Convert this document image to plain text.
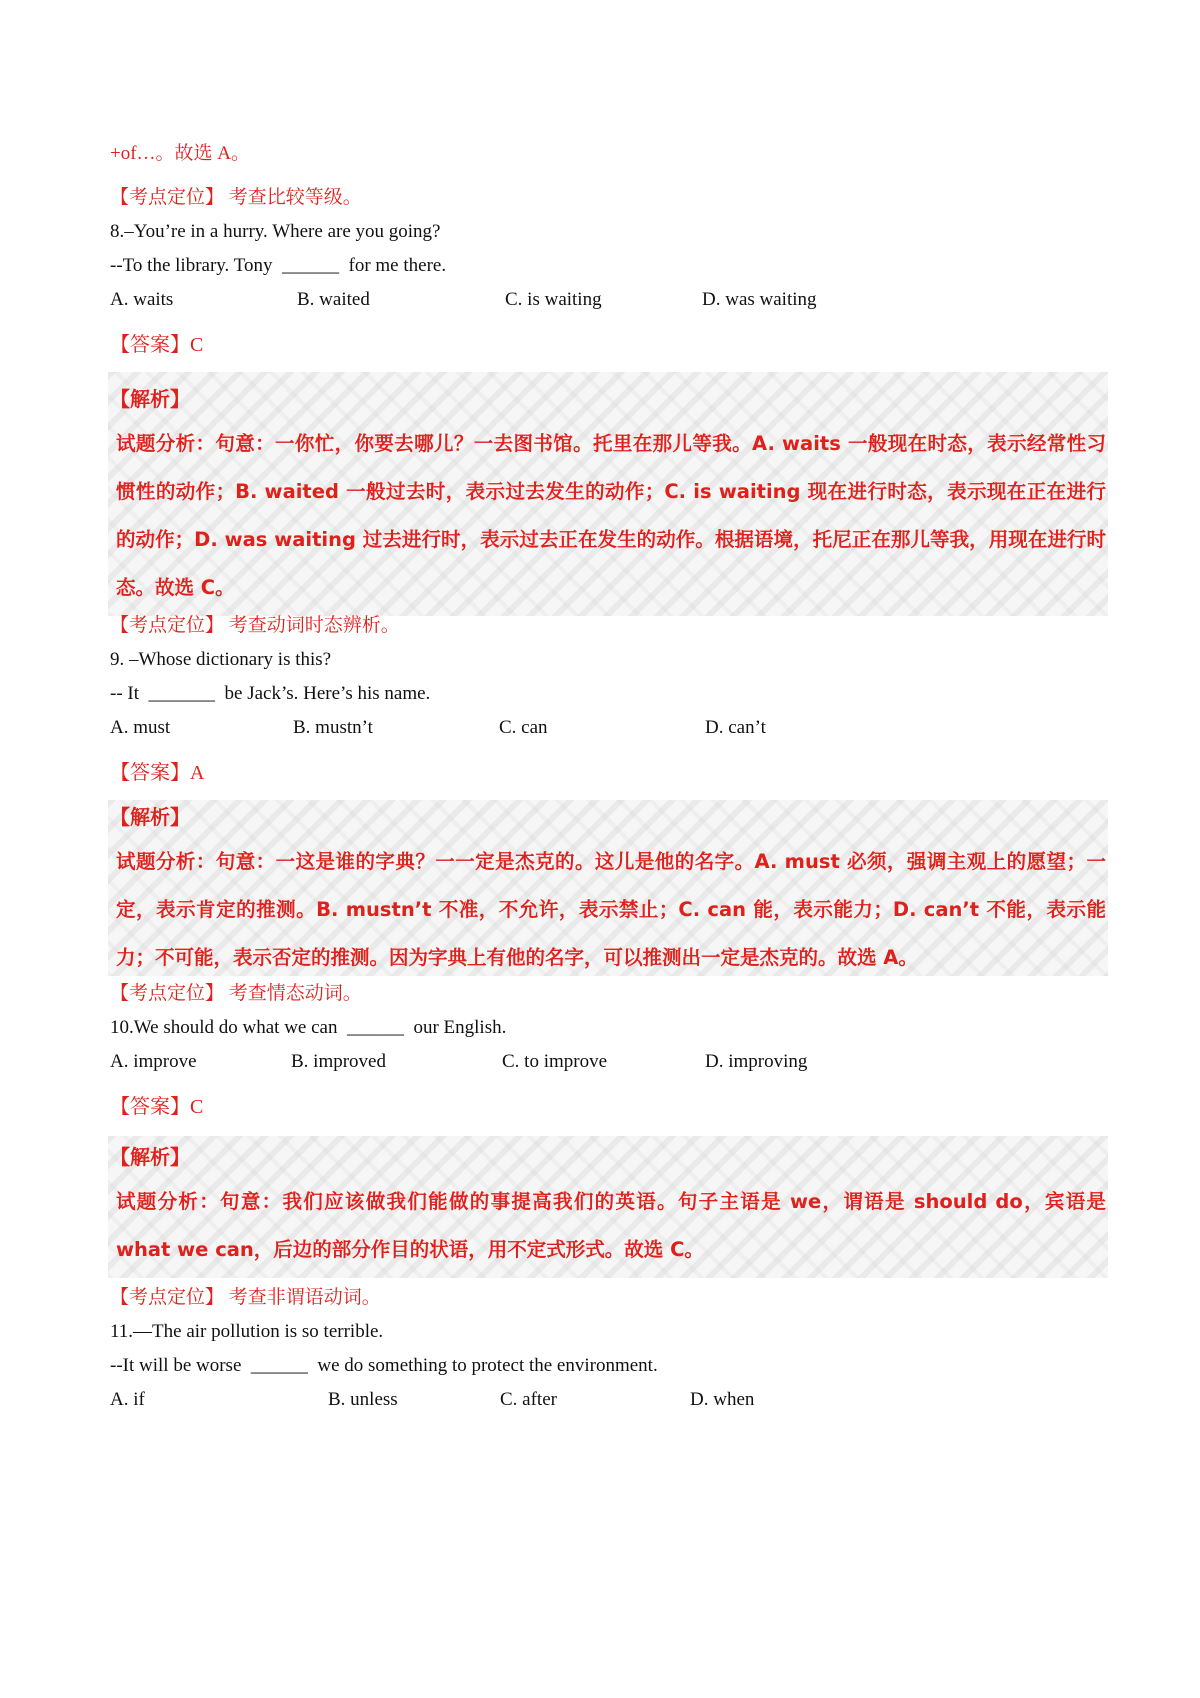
+of…。故选 A。
【考点定位】 考查比较等级。
8.–You’re in a hurry. Where are you going?
--To the library. Tony  ______  for me there.
A. waits	B. waited	C. is waiting	D. was waiting
【答案】C
【解析】
试题分析：句意：一你忙，你要去哪儿？一去图书馆。托里在那儿等我。A. waits 一般现在时态，表示经常性习惯性的动作；B. waited 一般过去时，表示过去发生的动作；C. is waiting 现在进行时态，表示现在正在进行的动作；D. was waiting 过去进行时，表示过去正在发生的动作。根据语境，托尼正在那儿等我，用现在进行时态。故选 C。
【考点定位】 考查动词时态辨析。
9. –Whose dictionary is this?
-- It  _______  be Jack’s. Here’s his name.
A. must	B. mustn’t	C. can	D. can’t
【答案】A
【解析】
试题分析：句意：一这是谁的字典？一一定是杰克的。这儿是他的名字。A. must 必须，强调主观上的愿望；一定，表示肯定的推测。B. mustn’t 不准，不允许，表示禁止；C. can 能，表示能力；D. can’t 不能，表示能力；不可能，表示否定的推测。因为字典上有他的名字，可以推测出一定是杰克的。故选 A。
【考点定位】 考查情态动词。
10.We should do what we can  ______  our English.
A. improve	B. improved	C. to improve	D. improving
【答案】C
【解析】
试题分析：句意：我们应该做我们能做的事提高我们的英语。句子主语是 we，谓语是 should do，宾语是 what we can，后边的部分作目的状语，用不定式形式。故选 C。
【考点定位】 考查非谓语动词。
11.—The air pollution is so terrible.
--It will be worse  ______  we do something to protect the environment.
A. if	B. unless	C. after	D. when
